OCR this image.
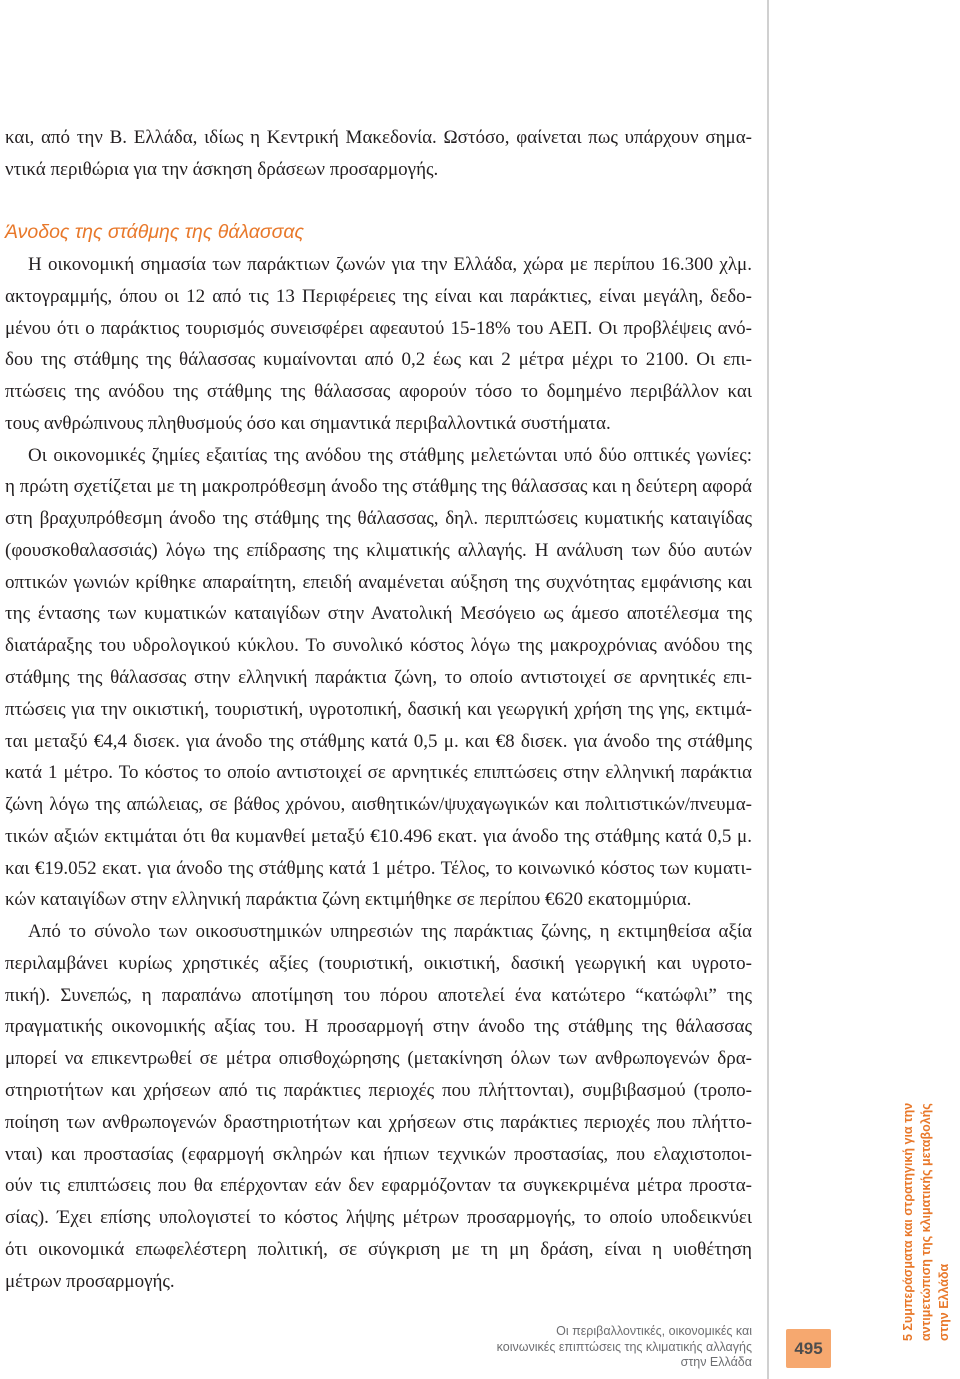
και, από την Β. Ελλάδα, ιδίως η Κεντρική Μακεδονία. Ωστόσο, φαίνεται πως υπάρχουν σημα-
ντικά περιθώρια για την άσκηση δράσεων προσαρμογής.
Άνοδος της στάθμης της θάλασσας
Η οικονομική σημασία των παράκτιων ζωνών για την Ελλάδα, χώρα με περίπου 16.300 χλμ.
ακτογραμμής, όπου οι 12 από τις 13 Περιφέρειες της είναι και παράκτιες, είναι μεγάλη, δεδο-
μένου ότι ο παράκτιος τουρισμός συνεισφέρει αφεαυτού 15-18% του ΑΕΠ. Οι προβλέψεις ανό-
δου της στάθμης της θάλασσας κυμαίνονται από 0,2 έως και 2 μέτρα μέχρι το 2100. Οι επι-
πτώσεις της ανόδου της στάθμης της θάλασσας αφορούν τόσο το δομημένο περιβάλλον και
τους ανθρώπινους πληθυσμούς όσο και σημαντικά περιβαλλοντικά συστήματα.
Οι οικονομικές ζημίες εξαιτίας της ανόδου της στάθμης μελετώνται υπό δύο οπτικές γωνίες:
η πρώτη σχετίζεται με τη μακροπρόθεσμη άνοδο της στάθμης της θάλασσας και η δεύτερη αφορά
στη βραχυπρόθεσμη άνοδο της στάθμης της θάλασσας, δηλ. περιπτώσεις κυματικής καταιγίδας
(φουσκοθαλασσιάς) λόγω της επίδρασης της κλιματικής αλλαγής. Η ανάλυση των δύο αυτών
οπτικών γωνιών κρίθηκε απαραίτητη, επειδή αναμένεται αύξηση της συχνότητας εμφάνισης και
της έντασης των κυματικών καταιγίδων στην Ανατολική Μεσόγειο ως άμεσο αποτέλεσμα της
διατάραξης του υδρολογικού κύκλου. Το συνολικό κόστος λόγω της μακροχρόνιας ανόδου της
στάθμης της θάλασσας στην ελληνική παράκτια ζώνη, το οποίο αντιστοιχεί σε αρνητικές επι-
πτώσεις για την οικιστική, τουριστική, υγροτοπική, δασική και γεωργική χρήση της γης, εκτιμά-
ται μεταξύ €4,4 δισεκ. για άνοδο της στάθμης κατά 0,5 μ. και €8 δισεκ. για άνοδο της στάθμης
κατά 1 μέτρο. Το κόστος το οποίο αντιστοιχεί σε αρνητικές επιπτώσεις στην ελληνική παράκτια
ζώνη λόγω της απώλειας, σε βάθος χρόνου, αισθητικών/ψυχαγωγικών και πολιτιστικών/πνευμα-
τικών αξιών εκτιμάται ότι θα κυμανθεί μεταξύ €10.496 εκατ. για άνοδο της στάθμης κατά 0,5 μ.
και €19.052 εκατ. για άνοδο της στάθμης κατά 1 μέτρο. Τέλος, το κοινωνικό κόστος των κυματι-
κών καταιγίδων στην ελληνική παράκτια ζώνη εκτιμήθηκε σε περίπου €620 εκατομμύρια.
Από το σύνολο των οικοσυστημικών υπηρεσιών της παράκτιας ζώνης, η εκτιμηθείσα αξία
περιλαμβάνει κυρίως χρηστικές αξίες (τουριστική, οικιστική, δασική γεωργική και υγροτο-
πική). Συνεπώς, η παραπάνω αποτίμηση του πόρου αποτελεί ένα κατώτερο “κατώφλι” της
πραγματικής οικονομικής αξίας του. Η προσαρμογή στην άνοδο της στάθμης της θάλασσας
μπορεί να επικεντρωθεί σε μέτρα οπισθοχώρησης (μετακίνηση όλων των ανθρωπογενών δρα-
στηριοτήτων και χρήσεων από τις παράκτιες περιοχές που πλήττονται), συμβιβασμού (τροπο-
ποίηση των ανθρωπογενών δραστηριοτήτων και χρήσεων στις παράκτιες περιοχές που πλήττο-
νται) και προστασίας (εφαρμογή σκληρών και ήπιων τεχνικών προστασίας, που ελαχιστοποι-
ούν τις επιπτώσεις που θα επέρχονταν εάν δεν εφαρμόζονταν τα συγκεκριμένα μέτρα προστα-
σίας). Έχει επίσης υπολογιστεί το κόστος λήψης μέτρων προσαρμογής, το οποίο υποδεικνύει
ότι οικονομικά επωφελέστερη πολιτική, σε σύγκριση με τη μη δράση, είναι η υιοθέτηση
μέτρων προσαρμογής.	5 Συμπεράσματα και στρατηγική για την αντιμετώπιση της κλιματικής μεταβολής στην Ελλάδα
Οι περιβαλλοντικές, οικονομικές και
κοινωνικές επιπτώσεις της κλιματικής αλλαγής
στην Ελλάδα
495
